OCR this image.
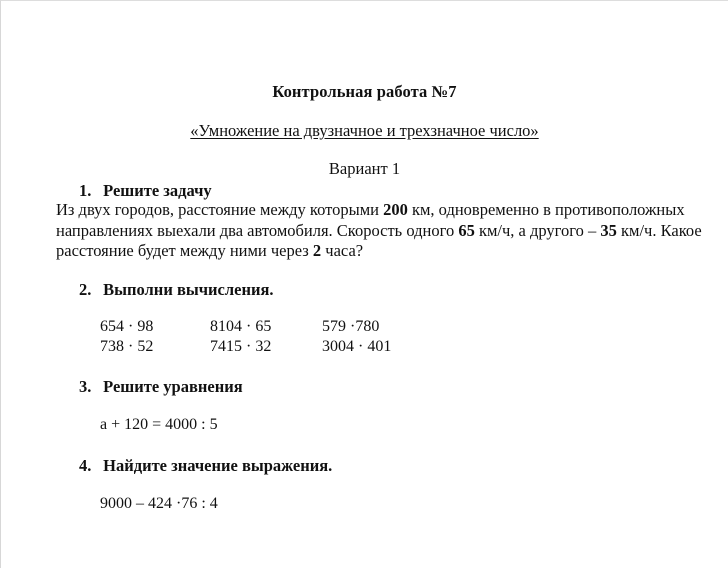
Контрольная работа №7
«Умножение на двузначное и трехзначное число»
Вариант 1
1. Решите задачу
Из двух городов, расстояние между которыми 200 км, одновременно в противоположных направлениях выехали два автомобиля. Скорость одного 65 км/ч, а другого – 35 км/ч. Какое расстояние будет между ними через 2 часа?
2. Выполни вычисления.
654 · 98
738 · 52
8104 · 65
7415 · 32
579 ·780
3004 · 401
3. Решите уравнения
а + 120 = 4000 : 5
4. Найдите значение выражения.
9000 – 424 ·76 : 4
